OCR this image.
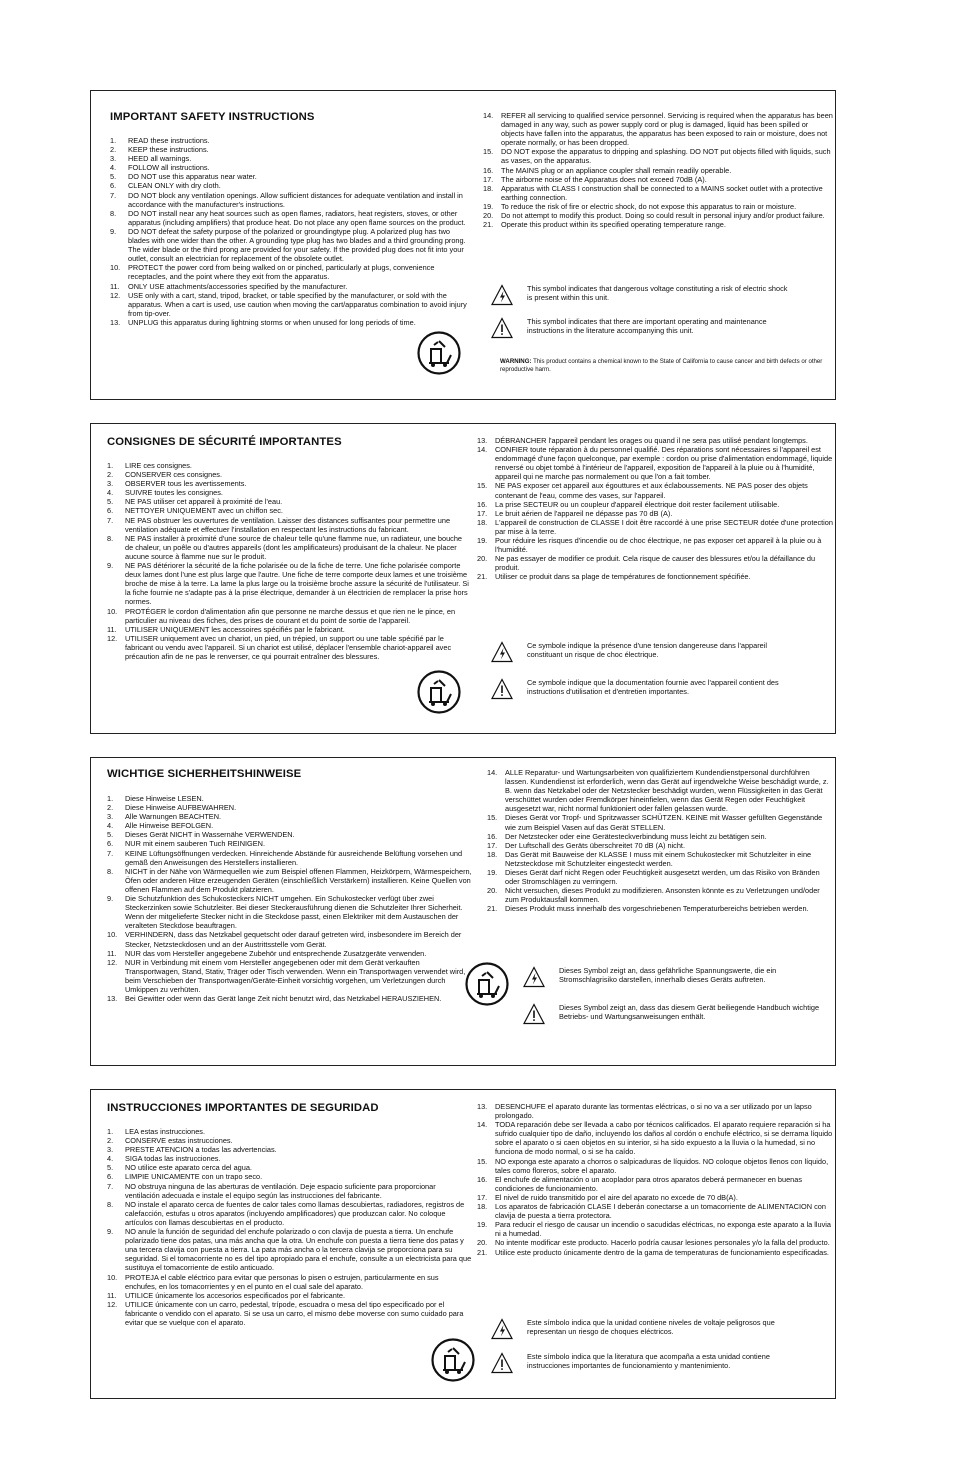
IMPORTANT SAFETY INSTRUCTIONS
1.	READ these instructions.
2.	KEEP these instructions.
3.	HEED all warnings.
4.	FOLLOW all instructions.
5.	DO NOT use this apparatus near water.
6.	CLEAN ONLY with dry cloth.
7.	DO NOT block any ventilation openings. Allow sufficient distances for adequate ventilation and install in accordance with the manufacturer's instructions.
8.	DO NOT install near any heat sources such as open flames, radiators, heat registers, stoves, or other apparatus (including amplifiers) that produce heat. Do not place any open flame sources on the product.
9.	DO NOT defeat the safety purpose of the polarized or groundingtype plug. A polarized plug has two blades with one wider than the other. A grounding type plug has two blades and a third grounding prong. The wider blade or the third prong are provided for your safety. If the provided plug does not fit into your outlet, consult an electrician for replacement of the obsolete outlet.
10.	PROTECT the power cord from being walked on or pinched, particularly at plugs, convenience receptacles, and the point where they exit from the apparatus.
11.	ONLY USE attachments/accessories specified by the manufacturer.
12.	USE only with a cart, stand, tripod, bracket, or table specified by the manufacturer, or sold with the apparatus. When a cart is used, use caution when moving the cart/apparatus combination to avoid injury from tip-over.
13.	UNPLUG this apparatus during lightning storms or when unused for long periods of time.
14.	REFER all servicing to qualified service personnel. Servicing is required when the apparatus has been damaged in any way, such as power supply cord or plug is damaged, liquid has been spilled or objects have fallen into the apparatus, the apparatus has been exposed to rain or moisture, does not operate normally, or has been dropped.
15.	DO NOT expose the apparatus to dripping and splashing. DO NOT put objects filled with liquids, such as vases, on the apparatus.
16.	The MAINS plug or an appliance coupler shall remain readily operable.
17.	The airborne noise of the Apparatus does not exceed 70dB (A).
18.	Apparatus with CLASS I construction shall be connected to a MAINS socket outlet with a protective earthing connection.
19.	To reduce the risk of fire or electric shock, do not expose this apparatus to rain or moisture.
20.	Do not attempt to modify this product. Doing so could result in personal injury and/or product failure.
21.	Operate this product within its specified operating temperature range.
This symbol indicates that dangerous voltage constituting a risk of electric shock is present within this unit.
This symbol indicates that there are important operating and maintenance instructions in the literature accompanying this unit.
WARNING: This product contains a chemical known to the State of California to cause cancer and birth defects or other reproductive harm.
CONSIGNES DE SÉCURITÉ IMPORTANTES
1.	LIRE ces consignes.
2.	CONSERVER ces consignes.
3.	OBSERVER tous les avertissements.
4.	SUIVRE toutes les consignes.
5.	NE PAS utiliser cet appareil à proximité de l'eau.
6.	NETTOYER UNIQUEMENT avec un chiffon sec.
7.	NE PAS obstruer les ouvertures de ventilation. Laisser des distances suffisantes pour permettre une ventilation adéquate et effectuer l'installation en respectant les instructions du fabricant.
8.	NE PAS installer à proximité d'une source de chaleur telle qu'une flamme nue, un radiateur, une bouche de chaleur, un poêle ou d'autres appareils (dont les amplificateurs) produisant de la chaleur. Ne placer aucune source à flamme nue sur le produit.
9.	NE PAS détériorer la sécurité de la fiche polarisée ou de la fiche de terre. Une fiche polarisée comporte deux lames dont l'une est plus large que l'autre. Une fiche de terre comporte deux lames et une troisième broche de mise à la terre. La lame la plus large ou la troisième broche assure la sécurité de l'utilisateur. Si la fiche fournie ne s'adapte pas à la prise électrique, demander à un électricien de remplacer la prise hors normes.
10.	PROTÉGER le cordon d'alimentation afin que personne ne marche dessus et que rien ne le pince, en particulier au niveau des fiches, des prises de courant et du point de sortie de l'appareil.
11.	UTILISER UNIQUEMENT les accessoires spécifiés par le fabricant.
12.	UTILISER uniquement avec un chariot, un pied, un trépied, un support ou une table spécifié par le fabricant ou vendu avec l'appareil. Si un chariot est utilisé, déplacer l'ensemble chariot-appareil avec précaution afin de ne pas le renverser, ce qui pourrait entraîner des blessures.
13.	DÉBRANCHER l'appareil pendant les orages ou quand il ne sera pas utilisé pendant longtemps.
14.	CONFIER toute réparation à du personnel qualifié. Des réparations sont nécessaires si l'appareil est endommagé d'une façon quelconque, par exemple : cordon ou prise d'alimentation endommagé, liquide renversé ou objet tombé à l'intérieur de l'appareil, exposition de l'appareil à la pluie ou à l'humidité, appareil qui ne marche pas normalement ou que l'on a fait tomber.
15.	NE PAS exposer cet appareil aux égouttures et aux éclaboussements. NE PAS poser des objets contenant de l'eau, comme des vases, sur l'appareil.
16.	La prise SECTEUR ou un coupleur d'appareil électrique doit rester facilement utilisable.
17.	Le bruit aérien de l'appareil ne dépasse pas 70 dB (A).
18.	L'appareil de construction de CLASSE I doit être raccordé à une prise SECTEUR dotée d'une protection par mise à la terre.
19.	Pour réduire les risques d'incendie ou de choc électrique, ne pas exposer cet appareil à la pluie ou à l'humidité.
20.	Ne pas essayer de modifier ce produit. Cela risque de causer des blessures et/ou la défaillance du produit.
21.	Utiliser ce produit dans sa plage de températures de fonctionnement spécifiée.
Ce symbole indique la présence d'une tension dangereuse dans l'appareil constituant un risque de choc électrique.
Ce symbole indique que la documentation fournie avec l'appareil contient des instructions d'utilisation et d'entretien importantes.
WICHTIGE SICHERHEITSHINWEISE
1.	Diese Hinweise LESEN.
2.	Diese Hinweise AUFBEWAHREN.
3.	Alle Warnungen BEACHTEN.
4.	Alle Hinweise BEFOLGEN.
5.	Dieses Gerät NICHT in Wassernähe VERWENDEN.
6.	NUR mit einem sauberen Tuch REINIGEN.
7.	KEINE Lüftungsöffnungen verdecken. Hinreichende Abstände für ausreichende Belüftung vorsehen und gemäß den Anweisungen des Herstellers installieren.
8.	NICHT in der Nähe von Wärmequellen wie zum Beispiel offenen Flammen, Heizkörpern, Wärmespeichern, Öfen oder anderen Hitze erzeugenden Geräten (einschließlich Verstärkern) installieren. Keine Quellen von offenen Flammen auf dem Produkt platzieren.
9.	Die Schutzfunktion des Schukosteckers NICHT umgehen. Ein Schukostecker verfügt über zwei Steckerzinken sowie Schutzleiter. Bei dieser Steckerausführung dienen die Schutzleiter Ihrer Sicherheit. Wenn der mitgelieferte Stecker nicht in die Steckdose passt, einen Elektriker mit dem Austauschen der veralteten Steckdose beauftragen.
10.	VERHINDERN, dass das Netzkabel gequetscht oder darauf getreten wird, insbesondere im Bereich der Stecker, Netzsteckdosen und an der Austrittsstelle vom Gerät.
11.	NUR das vom Hersteller angegebene Zubehör und entsprechende Zusatzgeräte verwenden.
12.	NUR in Verbindung mit einem vom Hersteller angegebenen oder mit dem Gerät verkauften Transportwagen, Stand, Stativ, Träger oder Tisch verwenden. Wenn ein Transportwagen verwendet wird, beim Verschieben der Transportwagen/Geräte-Einheit vorsichtig vorgehen, um Verletzungen durch Umkippen zu verhüten.
13.	Bei Gewitter oder wenn das Gerät lange Zeit nicht benutzt wird, das Netzkabel HERAUSZIEHEN.
14.	ALLE Reparatur- und Wartungsarbeiten von qualifiziertem Kundendienstpersonal durchführen lassen. Kundendienst ist erforderlich, wenn das Gerät auf irgendwelche Weise beschädigt wurde, z. B. wenn das Netzkabel oder der Netzstecker beschädigt wurden, wenn Flüssigkeiten in das Gerät verschüttet wurden oder Fremdkörper hineinfielen, wenn das Gerät Regen oder Feuchtigkeit ausgesetzt war, nicht normal funktioniert oder fallen gelassen wurde.
15.	Dieses Gerät vor Tropf- und Spritzwasser SCHÜTZEN. KEINE mit Wasser gefüllten Gegenstände wie zum Beispiel Vasen auf das Gerät STELLEN.
16.	Der Netzstecker oder eine Gerätesteckverbindung muss leicht zu betätigen sein.
17.	Der Luftschall des Geräts überschreitet 70 dB (A) nicht.
18.	Das Gerät mit Bauweise der KLASSE I muss mit einem Schukostecker mit Schutzleiter in eine Netzsteckdose mit Schutzleiter eingesteckt werden.
19.	Dieses Gerät darf nicht Regen oder Feuchtigkeit ausgesetzt werden, um das Risiko von Bränden oder Stromschlägen zu verringern.
20.	Nicht versuchen, dieses Produkt zu modifizieren. Ansonsten könnte es zu Verletzungen und/oder zum Produktausfall kommen.
21.	Dieses Produkt muss innerhalb des vorgeschriebenen Temperaturbereichs betrieben werden.
Dieses Symbol zeigt an, dass gefährliche Spannungswerte, die ein Stromschlagrisiko darstellen, innerhalb dieses Geräts auftreten.
Dieses Symbol zeigt an, dass das diesem Gerät beiliegende Handbuch wichtige Betriebs- und Wartungsanweisungen enthält.
INSTRUCCIONES IMPORTANTES DE SEGURIDAD
1.	LEA estas instrucciones.
2.	CONSERVE estas instrucciones.
3.	PRESTE ATENCION a todas las advertencias.
4.	SIGA todas las instrucciones.
5.	NO utilice este aparato cerca del agua.
6.	LIMPIE UNICAMENTE con un trapo seco.
7.	NO obstruya ninguna de las aberturas de ventilación. Deje espacio suficiente para proporcionar ventilación adecuada e instale el equipo según las instrucciones del fabricante.
8.	NO instale el aparato cerca de fuentes de calor tales como llamas descubiertas, radiadores, registros de calefacción, estufas u otros aparatos (incluyendo amplificadores) que produzcan calor. No coloque artículos con llamas descubiertas en el producto.
9.	NO anule la función de seguridad del enchufe polarizado o con clavija de puesta a tierra. Un enchufe polarizado tiene dos patas, una más ancha que la otra. Un enchufe con puesta a tierra tiene dos patas y una tercera clavija con puesta a tierra. La pata más ancha o la tercera clavija se proporciona para su seguridad. Si el tomacorriente no es del tipo apropiado para el enchufe, consulte a un electricista para que sustituya el tomacorriente de estilo anticuado.
10.	PROTEJA el cable eléctrico para evitar que personas lo pisen o estrujen, particularmente en sus enchufes, en los tomacorrientes y en el punto en el cual sale del aparato.
11.	UTILICE únicamente los accesorios especificados por el fabricante.
12.	UTILICE únicamente con un carro, pedestal, trípode, escuadra o mesa del tipo especificado por el fabricante o vendido con el aparato. Si se usa un carro, el mismo debe moverse con sumo cuidado para evitar que se vuelque con el aparato.
13.	DESENCHUFE el aparato durante las tormentas eléctricas, o si no va a ser utilizado por un lapso prolongado.
14.	TODA reparación debe ser llevada a cabo por técnicos calificados. El aparato requiere reparación si ha sufrido cualquier tipo de daño, incluyendo los daños al cordón o enchufe eléctrico, si se derrama líquido sobre el aparato o si caen objetos en su interior, si ha sido expuesto a la lluvia o la humedad, si no funciona de modo normal, o si se ha caído.
15.	NO exponga este aparato a chorros o salpicaduras de líquidos. NO coloque objetos llenos con líquido, tales como floreros, sobre el aparato.
16.	El enchufe de alimentación o un acoplador para otros aparatos deberá permanecer en buenas condiciones de funcionamiento.
17.	El nivel de ruido transmitido por el aire del aparato no excede de 70 dB(A).
18.	Los aparatos de fabricación CLASE I deberán conectarse a un tomacorriente de ALIMENTACION con clavija de puesta a tierra protectora.
19.	Para reducir el riesgo de causar un incendio o sacudidas eléctricas, no exponga este aparato a la lluvia ni a humedad.
20.	No intente modificar este producto. Hacerlo podría causar lesiones personales y/o la falla del producto.
21.	Utilice este producto únicamente dentro de la gama de temperaturas de funcionamiento especificadas.
Este símbolo indica que la unidad contiene niveles de voltaje peligrosos que representan un riesgo de choques eléctricos.
Este símbolo indica que la literatura que acompaña a esta unidad contiene instrucciones importantes de funcionamiento y mantenimiento.
